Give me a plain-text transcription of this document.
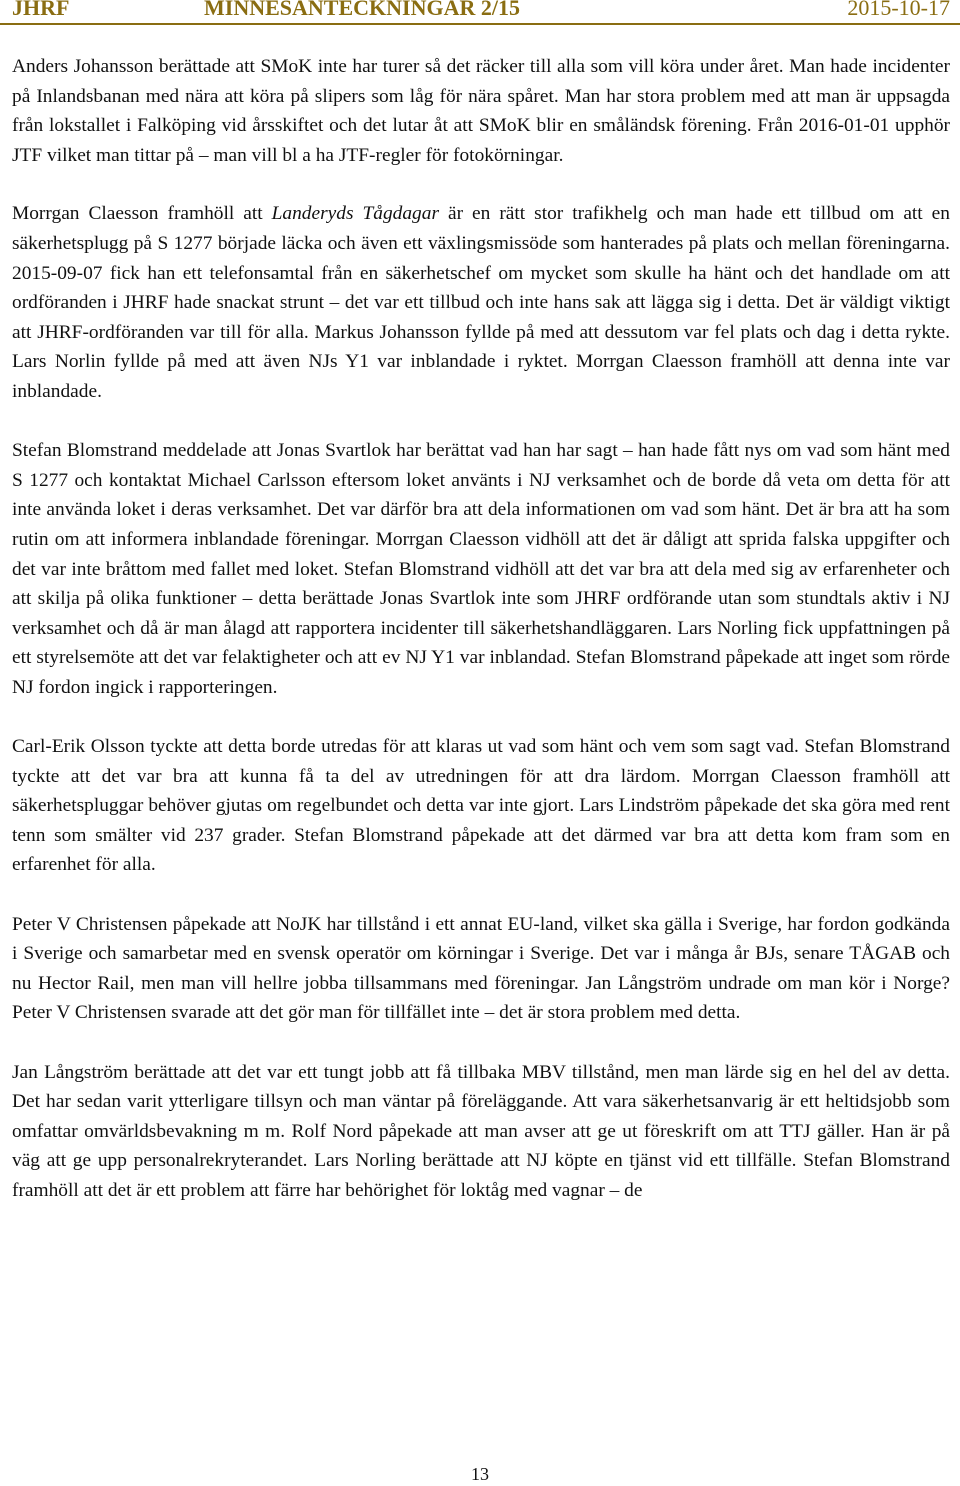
JHRF	MINNESANTECKNINGAR 2/15	2015-10-17

Anders Johansson berättade att SMoK inte har turer så det räcker till alla som vill köra under året. Man hade incidenter på Inlandsbanan med nära att köra på slipers som låg för nära spåret. Man har stora problem med att man är uppsagda från lokstallet i Falköping vid årsskiftet och det lutar åt att SMoK blir en småländsk förening. Från 2016-01-01 upphör JTF vilket man tittar på – man vill bl a ha JTF-regler för fotokörningar.

Morrgan Claesson framhöll att Landeryds Tågdagar är en rätt stor trafikhelg och man hade ett tillbud om att en säkerhetsplugg på S 1277 började läcka och även ett växlingsmissöde som hanterades på plats och mellan föreningarna. 2015-09-07 fick han ett telefonsamtal från en säkerhetschef om mycket som skulle ha hänt och det handlade om att ordföranden i JHRF hade snackat strunt – det var ett tillbud och inte hans sak att lägga sig i detta. Det är väldigt viktigt att JHRF-ordföranden var till för alla. Markus Johansson fyllde på med att dessutom var fel plats och dag i detta rykte. Lars Norlin fyllde på med att även NJs Y1 var inblandade i ryktet. Morrgan Claesson framhöll att denna inte var inblandade.

Stefan Blomstrand meddelade att Jonas Svartlok har berättat vad han har sagt – han hade fått nys om vad som hänt med S 1277 och kontaktat Michael Carlsson eftersom loket använts i NJ verksamhet och de borde då veta om detta för att inte använda loket i deras verksamhet. Det var därför bra att dela informationen om vad som hänt. Det är bra att ha som rutin om att informera inblandade föreningar. Morrgan Claesson vidhöll att det är dåligt att sprida falska uppgifter och det var inte bråttom med fallet med loket. Stefan Blomstrand vidhöll att det var bra att dela med sig av erfarenheter och att skilja på olika funktioner – detta berättade Jonas Svartlok inte som JHRF ordförande utan som stundtals aktiv i NJ verksamhet och då är man ålagd att rapportera incidenter till säkerhetshandläggaren. Lars Norling fick uppfattningen på ett styrelsemöte att det var felaktigheter och att ev NJ Y1 var inblandad. Stefan Blomstrand påpekade att inget som rörde NJ fordon ingick i rapporteringen.

Carl-Erik Olsson tyckte att detta borde utredas för att klaras ut vad som hänt och vem som sagt vad. Stefan Blomstrand tyckte att det var bra att kunna få ta del av utredningen för att dra lärdom. Morrgan Claesson framhöll att säkerhetspluggar behöver gjutas om regelbundet och detta var inte gjort. Lars Lindström påpekade det ska göra med rent tenn som smälter vid 237 grader. Stefan Blomstrand påpekade att det därmed var bra att detta kom fram som en erfarenhet för alla.

Peter V Christensen påpekade att NoJK har tillstånd i ett annat EU-land, vilket ska gälla i Sverige, har fordon godkända i Sverige och samarbetar med en svensk operatör om körningar i Sverige. Det var i många år BJs, senare TÅGAB och nu Hector Rail, men man vill hellre jobba tillsammans med föreningar. Jan Långström undrade om man kör i Norge? Peter V Christensen svarade att det gör man för tillfället inte – det är stora problem med detta.

Jan Långström berättade att det var ett tungt jobb att få tillbaka MBV tillstånd, men man lärde sig en hel del av detta. Det har sedan varit ytterligare tillsyn och man väntar på föreläggande. Att vara säkerhetsanvarig är ett heltidsjobb som omfattar omvärldsbevakning m m. Rolf Nord påpekade att man avser att ge ut föreskrift om att TTJ gäller. Han är på väg att ge upp personalrekryterandet. Lars Norling berättade att NJ köpte en tjänst vid ett tillfälle. Stefan Blomstrand framhöll att det är ett problem att färre har behörighet för loktåg med vagnar – de

13
